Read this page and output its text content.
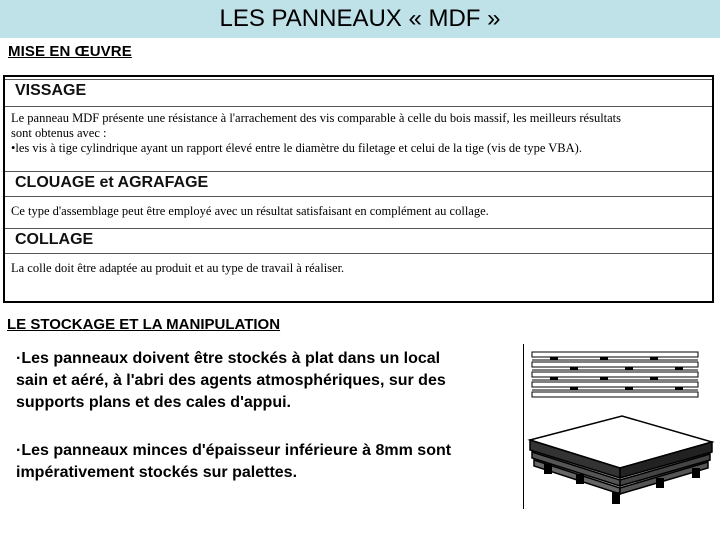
LES PANNEAUX « MDF »
MISE EN ŒUVRE
VISSAGE
Le panneau MDF présente une résistance à l'arrachement des vis comparable à celle du bois massif, les meilleurs résultats
sont obtenus avec :
•les vis à tige cylindrique ayant un rapport élevé entre le diamètre du filetage et celui de la tige (vis de type VBA).
CLOUAGE et AGRAFAGE
Ce type d'assemblage peut être employé avec un résultat satisfaisant en complément au collage.
COLLAGE
La colle doit être adaptée au produit et au type de travail à réaliser.
LE STOCKAGE ET LA MANIPULATION
·Les panneaux doivent être stockés à plat dans un local
sain et aéré, à l'abri des agents atmosphériques, sur des
supports plans et des cales d'appui.
·Les panneaux minces d'épaisseur inférieure à 8mm sont
impérativement stockés sur palettes.
